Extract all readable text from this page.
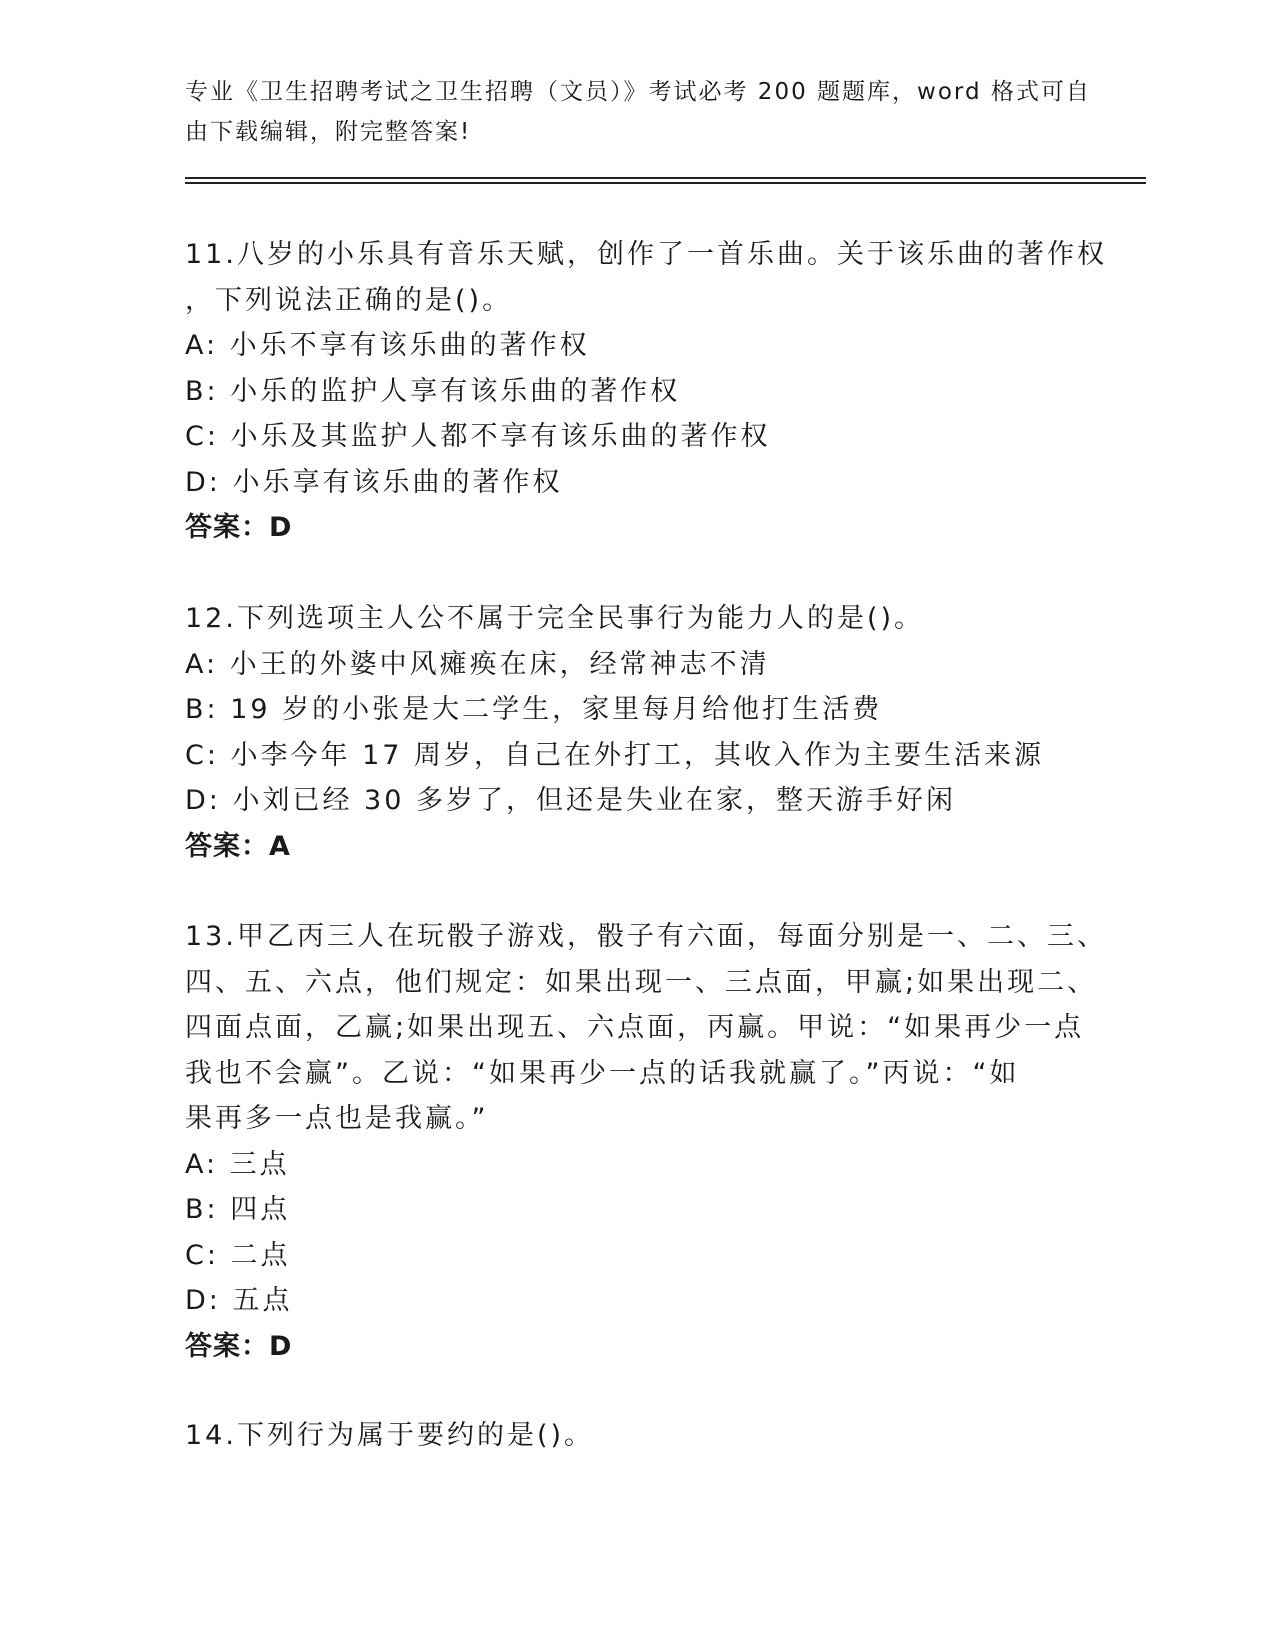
专业《卫生招聘考试之卫生招聘（文员）》考试必考 200 题题库，word 格式可自
由下载编辑，附完整答案!
11.八岁的小乐具有音乐天赋，创作了一首乐曲。关于该乐曲的著作权
，下列说法正确的是()。
A: 小乐不享有该乐曲的著作权
B: 小乐的监护人享有该乐曲的著作权
C: 小乐及其监护人都不享有该乐曲的著作权
D: 小乐享有该乐曲的著作权
答案：D
12.下列选项主人公不属于完全民事行为能力人的是()。
A: 小王的外婆中风瘫痪在床，经常神志不清
B: 19 岁的小张是大二学生，家里每月给他打生活费
C: 小李今年 17 周岁，自己在外打工，其收入作为主要生活来源
D: 小刘已经 30 多岁了，但还是失业在家，整天游手好闲
答案：A
13.甲乙丙三人在玩骰子游戏，骰子有六面，每面分别是一、二、三、
四、五、六点，他们规定：如果出现一、三点面，甲赢;如果出现二、
四面点面，乙赢;如果出现五、六点面，丙赢。甲说：“如果再少一点
我也不会赢”。乙说：“如果再少一点的话我就赢了。”丙说：“如
果再多一点也是我赢。”
A: 三点
B: 四点
C: 二点
D: 五点
答案：D
14.下列行为属于要约的是()。
